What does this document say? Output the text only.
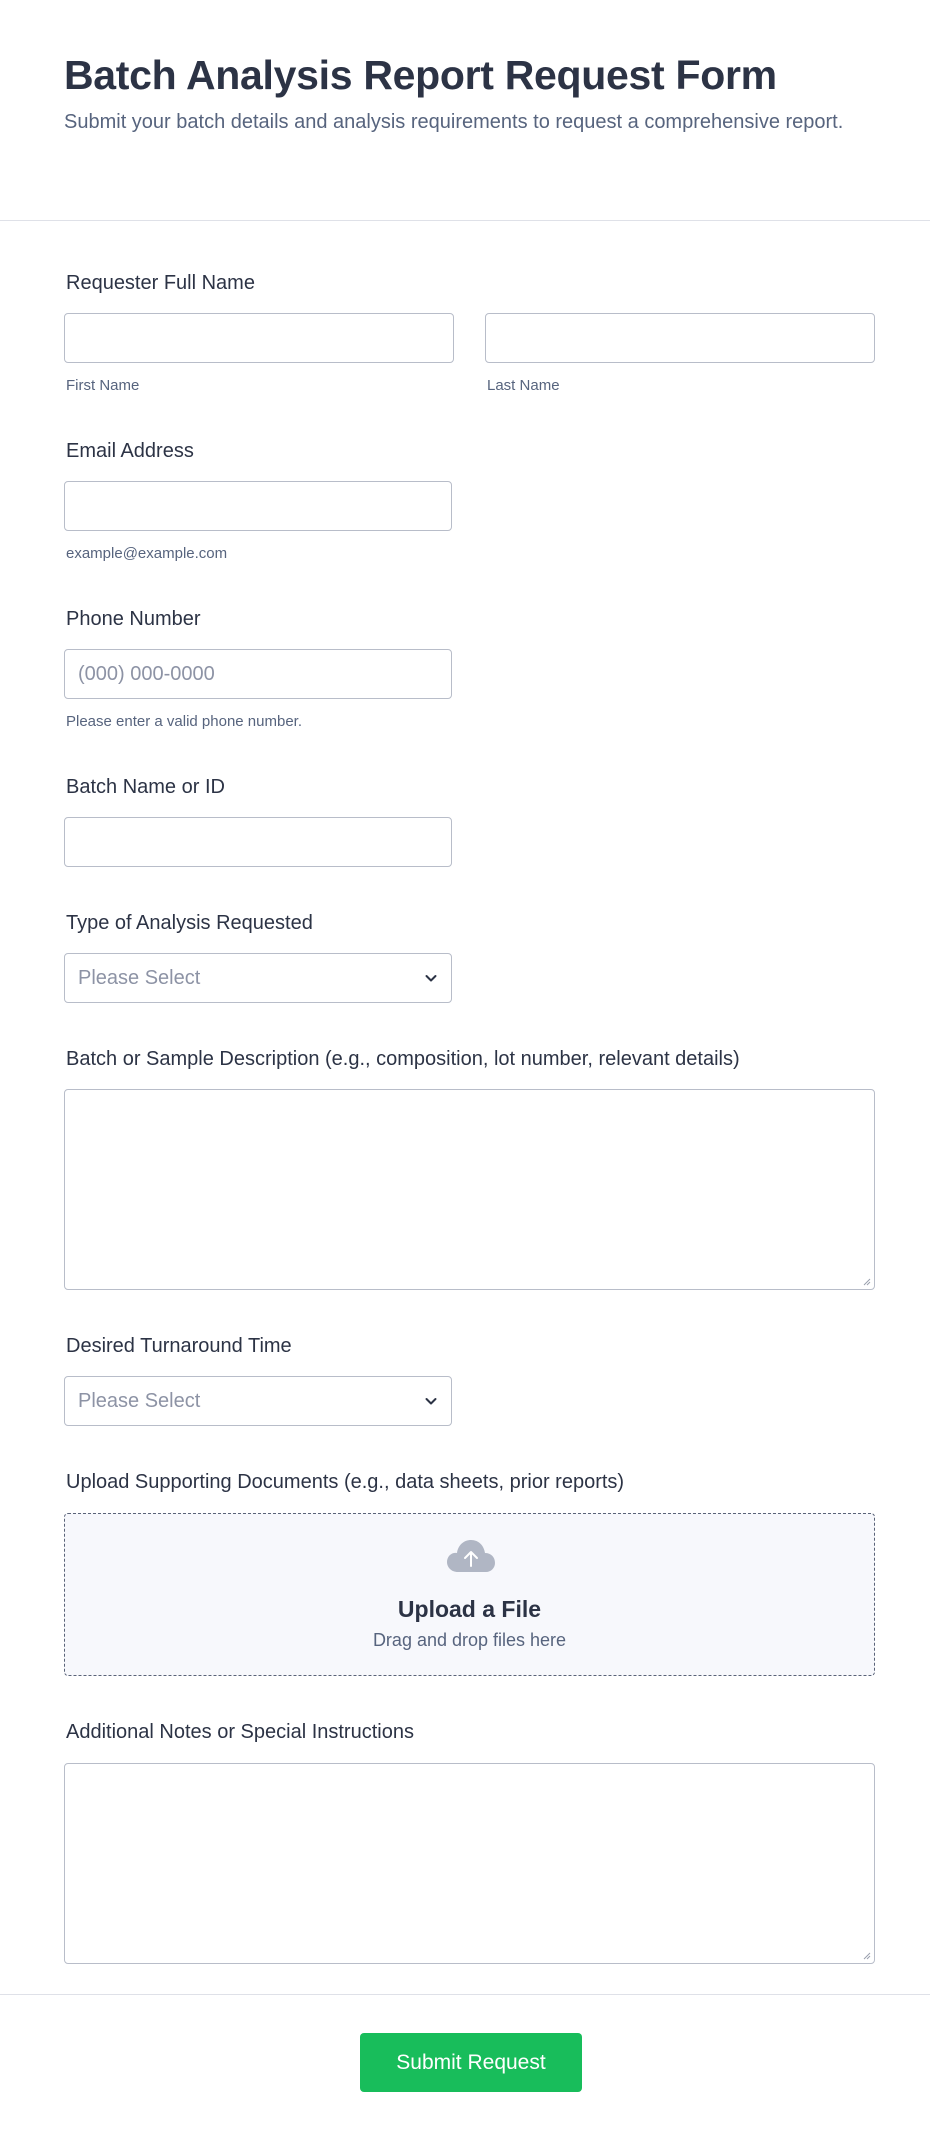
Batch Analysis Report Request Form
Submit your batch details and analysis requirements to request a comprehensive report.
Requester Full Name
First Name	Last Name
Email Address
example@example.com
Phone Number
(000) 000-0000
Please enter a valid phone number.
Batch Name or ID
Type of Analysis Requested
Please Select
Batch or Sample Description (e.g., composition, lot number, relevant details)
Desired Turnaround Time
Please Select
Upload Supporting Documents (e.g., data sheets, prior reports)
Upload a File
Drag and drop files here
Additional Notes or Special Instructions
Submit Request
